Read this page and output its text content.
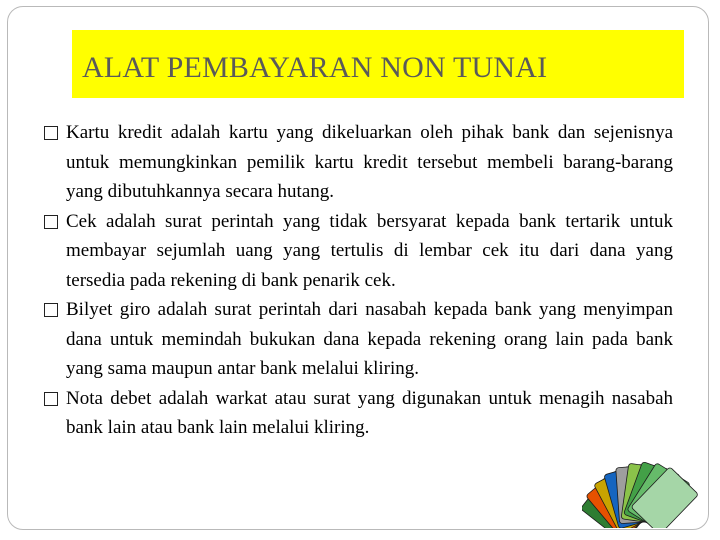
ALAT PEMBAYARAN NON TUNAI

Kartu kredit adalah kartu yang dikeluarkan oleh pihak bank dan sejenisnya untuk memungkinkan pemilik kartu kredit tersebut membeli barang-barang yang dibutuhkannya secara hutang.

Cek adalah surat perintah yang tidak bersyarat kepada bank tertarik untuk membayar sejumlah uang yang tertulis di lembar cek itu dari dana yang tersedia pada rekening di bank penarik cek.

Bilyet giro adalah surat perintah dari nasabah kepada bank yang menyimpan dana untuk memindah bukukan dana kepada rekening orang lain pada bank yang sama maupun antar bank melalui kliring.

Nota debet adalah warkat atau surat yang digunakan untuk menagih nasabah bank lain atau bank lain melalui kliring.
